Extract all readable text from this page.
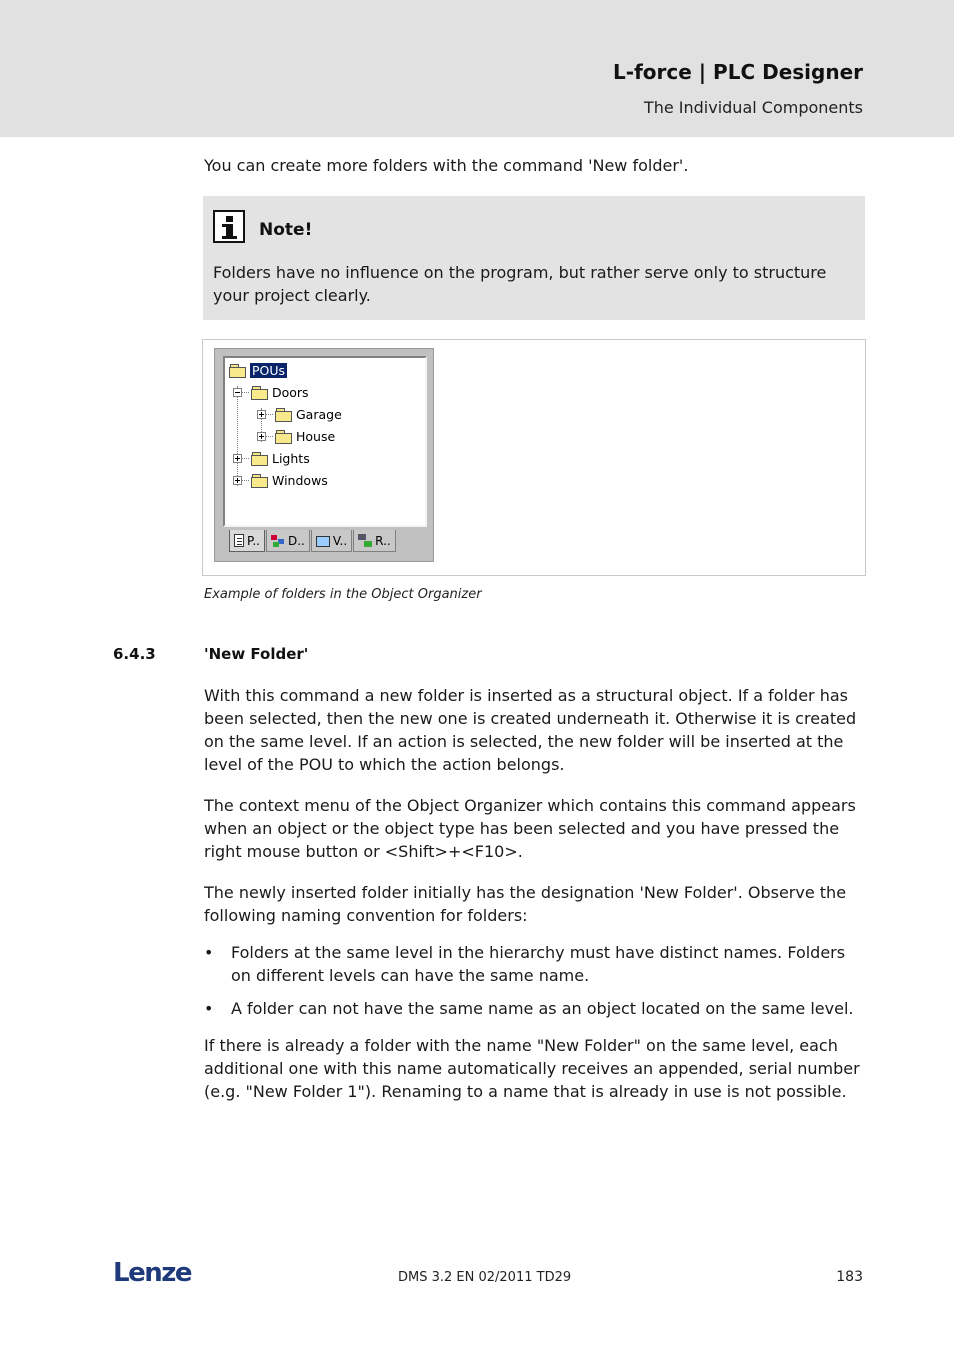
L-force | PLC Designer
The Individual Components
You can create more folders with the command 'New folder'.
Note!
Folders have no influence on the program, but rather serve only to structure your project clearly.
POUs
Doors
Garage
House
Lights
Windows
P.. D.. V.. R..
Example of folders in the Object Organizer
6.4.3	'New Folder'
With this command a new folder is inserted as a structural object. If a folder has been selected, then the new one is created underneath it. Otherwise it is created on the same level. If an action is selected, the new folder will be inserted at the level of the POU to which the action belongs.
The context menu of the Object Organizer which contains this command appears when an object or the object type has been selected and you have pressed the right mouse button or <Shift>+<F10>.
The newly inserted folder initially has the designation 'New Folder'. Observe the following naming convention for folders:
• Folders at the same level in the hierarchy must have distinct names. Folders on different levels can have the same name.
• A folder can not have the same name as an object located on the same level.
If there is already a folder with the name "New Folder" on the same level, each additional one with this name automatically receives an appended, serial number (e.g. "New Folder 1"). Renaming to a name that is already in use is not possible.
Lenze	DMS 3.2 EN 02/2011 TD29	183
